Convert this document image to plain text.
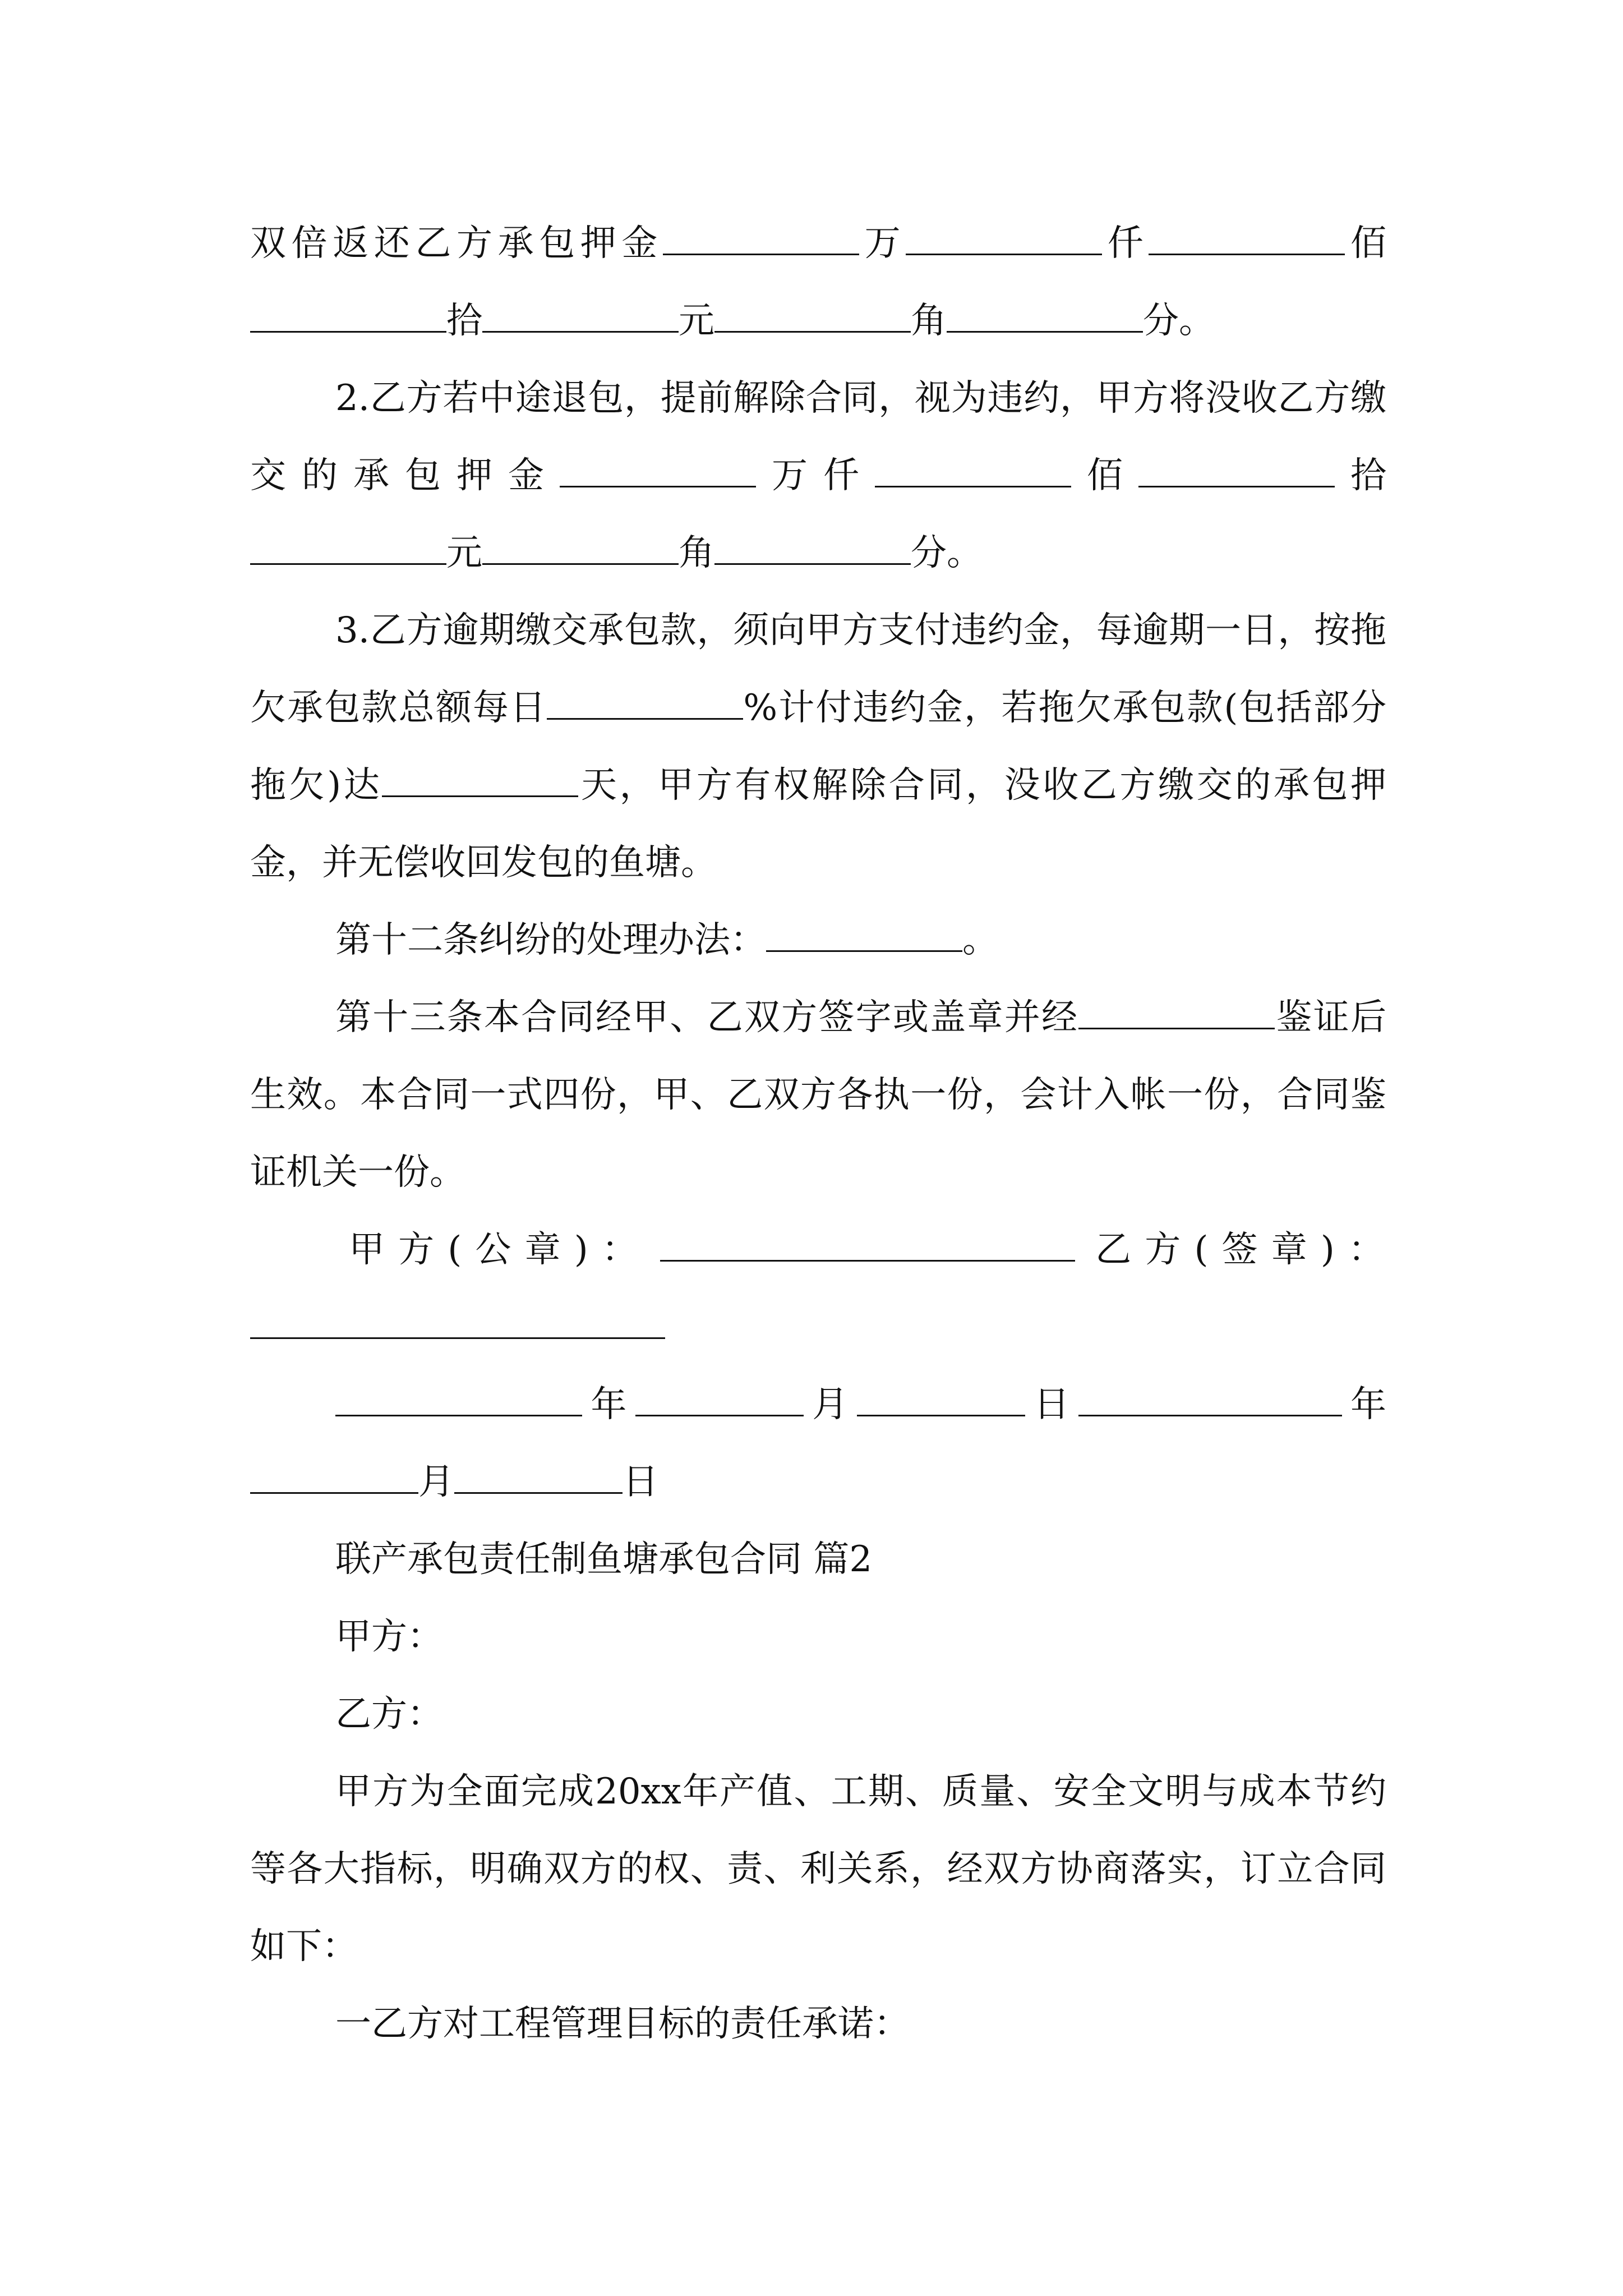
双倍返还乙方承包押金	万	仟	佰拾	元	角	分。

2.乙方若中途退包，提前解除合同，视为违约，甲方将没收乙方缴交的承包押金	万仟	佰	拾元	角	分。

3.乙方逾期缴交承包款，须向甲方支付违约金，每逾期一日，按拖欠承包款总额每日	%计付违约金，若拖欠承包款(包括部分拖欠)达	天，甲方有权解除合同，没收乙方缴交的承包押金，并无偿收回发包的鱼塘。

第十二条纠纷的处理办法：	。

第十三条本合同经甲、乙双方签字或盖章并经	鉴证后生效。本合同一式四份，甲、乙双方各执一份，会计入帐一份，合同鉴证机关一份。

甲方(公章)：	乙方(签章)：

年	月	日	年月	日

联产承包责任制鱼塘承包合同 篇2

甲方：

乙方：

甲方为全面完成20xx年产值、工期、质量、安全文明与成本节约等各大指标，明确双方的权、责、利关系，经双方协商落实，订立合同如下：

一乙方对工程管理目标的责任承诺：
